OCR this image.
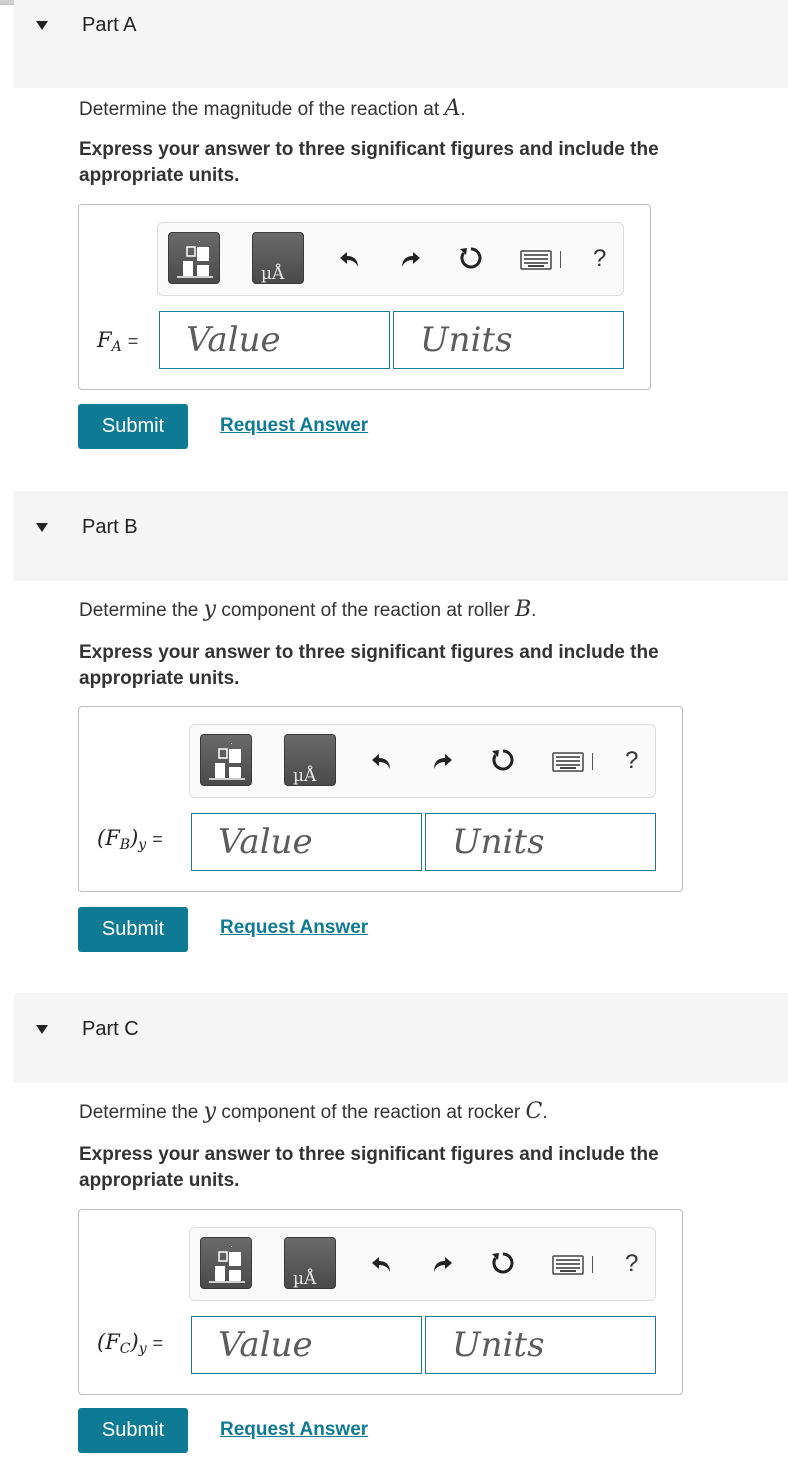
Part A
Determine the magnitude of the reaction at A.
Express your answer to three significant figures and include the appropriate units.
µÅ
?
$F_A$ = Value	Units
Submit	Request Answer
Part B
Determine the y component of the reaction at roller B.
Express your answer to three significant figures and include the appropriate units.
µÅ
?
$(F_B)_y$ = Value	Units
Submit	Request Answer
Part C
Determine the y component of the reaction at rocker C.
Express your answer to three significant figures and include the appropriate units.
µÅ
?
$(F_C)_y$ = Value	Units
Submit	Request Answer
